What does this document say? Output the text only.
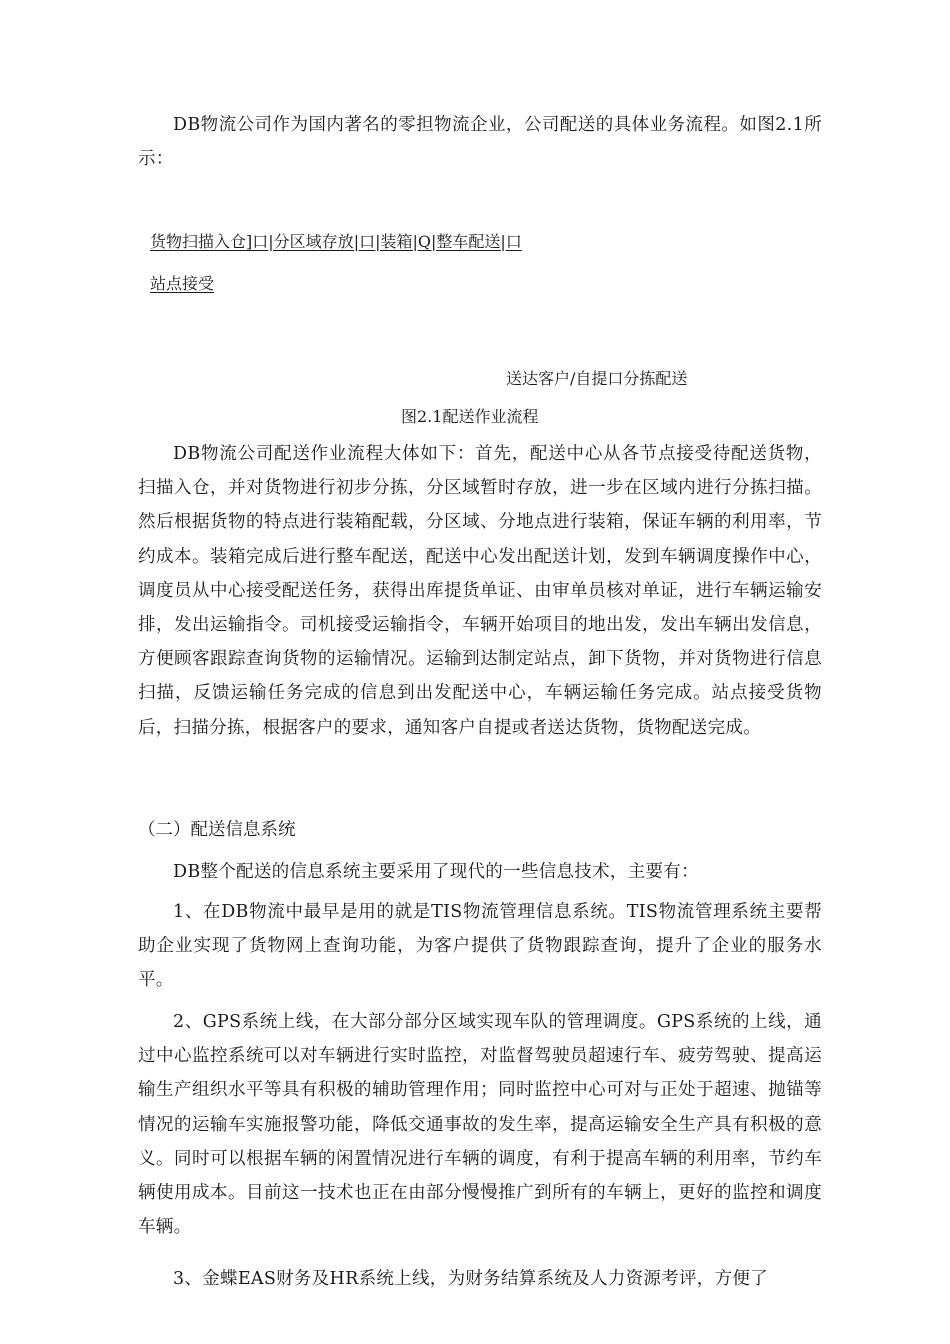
DB物流公司作为国内著名的零担物流企业，公司配送的具体业务流程。如图2.1所示：

货物扫描入仓]口|分区域存放|口|装箱|Q|整车配送|口
站点接受
送达客户/自提口分拣配送
图2.1配送作业流程

DB物流公司配送作业流程大体如下：首先，配送中心从各节点接受待配送货物，扫描入仓，并对货物进行初步分拣，分区域暂时存放，进一步在区域内进行分拣扫描。然后根据货物的特点进行装箱配载，分区域、分地点进行装箱，保证车辆的利用率，节约成本。装箱完成后进行整车配送，配送中心发出配送计划，发到车辆调度操作中心，调度员从中心接受配送任务，获得出库提货单证、由审单员核对单证，进行车辆运输安排，发出运输指令。司机接受运输指令，车辆开始项目的地出发，发出车辆出发信息，方便顾客跟踪查询货物的运输情况。运输到达制定站点，卸下货物，并对货物进行信息扫描，反馈运输任务完成的信息到出发配送中心，车辆运输任务完成。站点接受货物后，扫描分拣，根据客户的要求，通知客户自提或者送达货物，货物配送完成。

（二）配送信息系统

DB整个配送的信息系统主要采用了现代的一些信息技术，主要有：

1、在DB物流中最早是用的就是TIS物流管理信息系统。TIS物流管理系统主要帮助企业实现了货物网上查询功能，为客户提供了货物跟踪查询，提升了企业的服务水平。

2、GPS系统上线，在大部分部分区域实现车队的管理调度。GPS系统的上线，通过中心监控系统可以对车辆进行实时监控，对监督驾驶员超速行车、疲劳驾驶、提高运输生产组织水平等具有积极的辅助管理作用；同时监控中心可对与正处于超速、抛锚等情况的运输车实施报警功能，降低交通事故的发生率，提高运输安全生产具有积极的意义。同时可以根据车辆的闲置情况进行车辆的调度，有利于提高车辆的利用率，节约车辆使用成本。目前这一技术也正在由部分慢慢推广到所有的车辆上，更好的监控和调度车辆。

3、金蝶EAS财务及HR系统上线，为财务结算系统及人力资源考评，方便了
